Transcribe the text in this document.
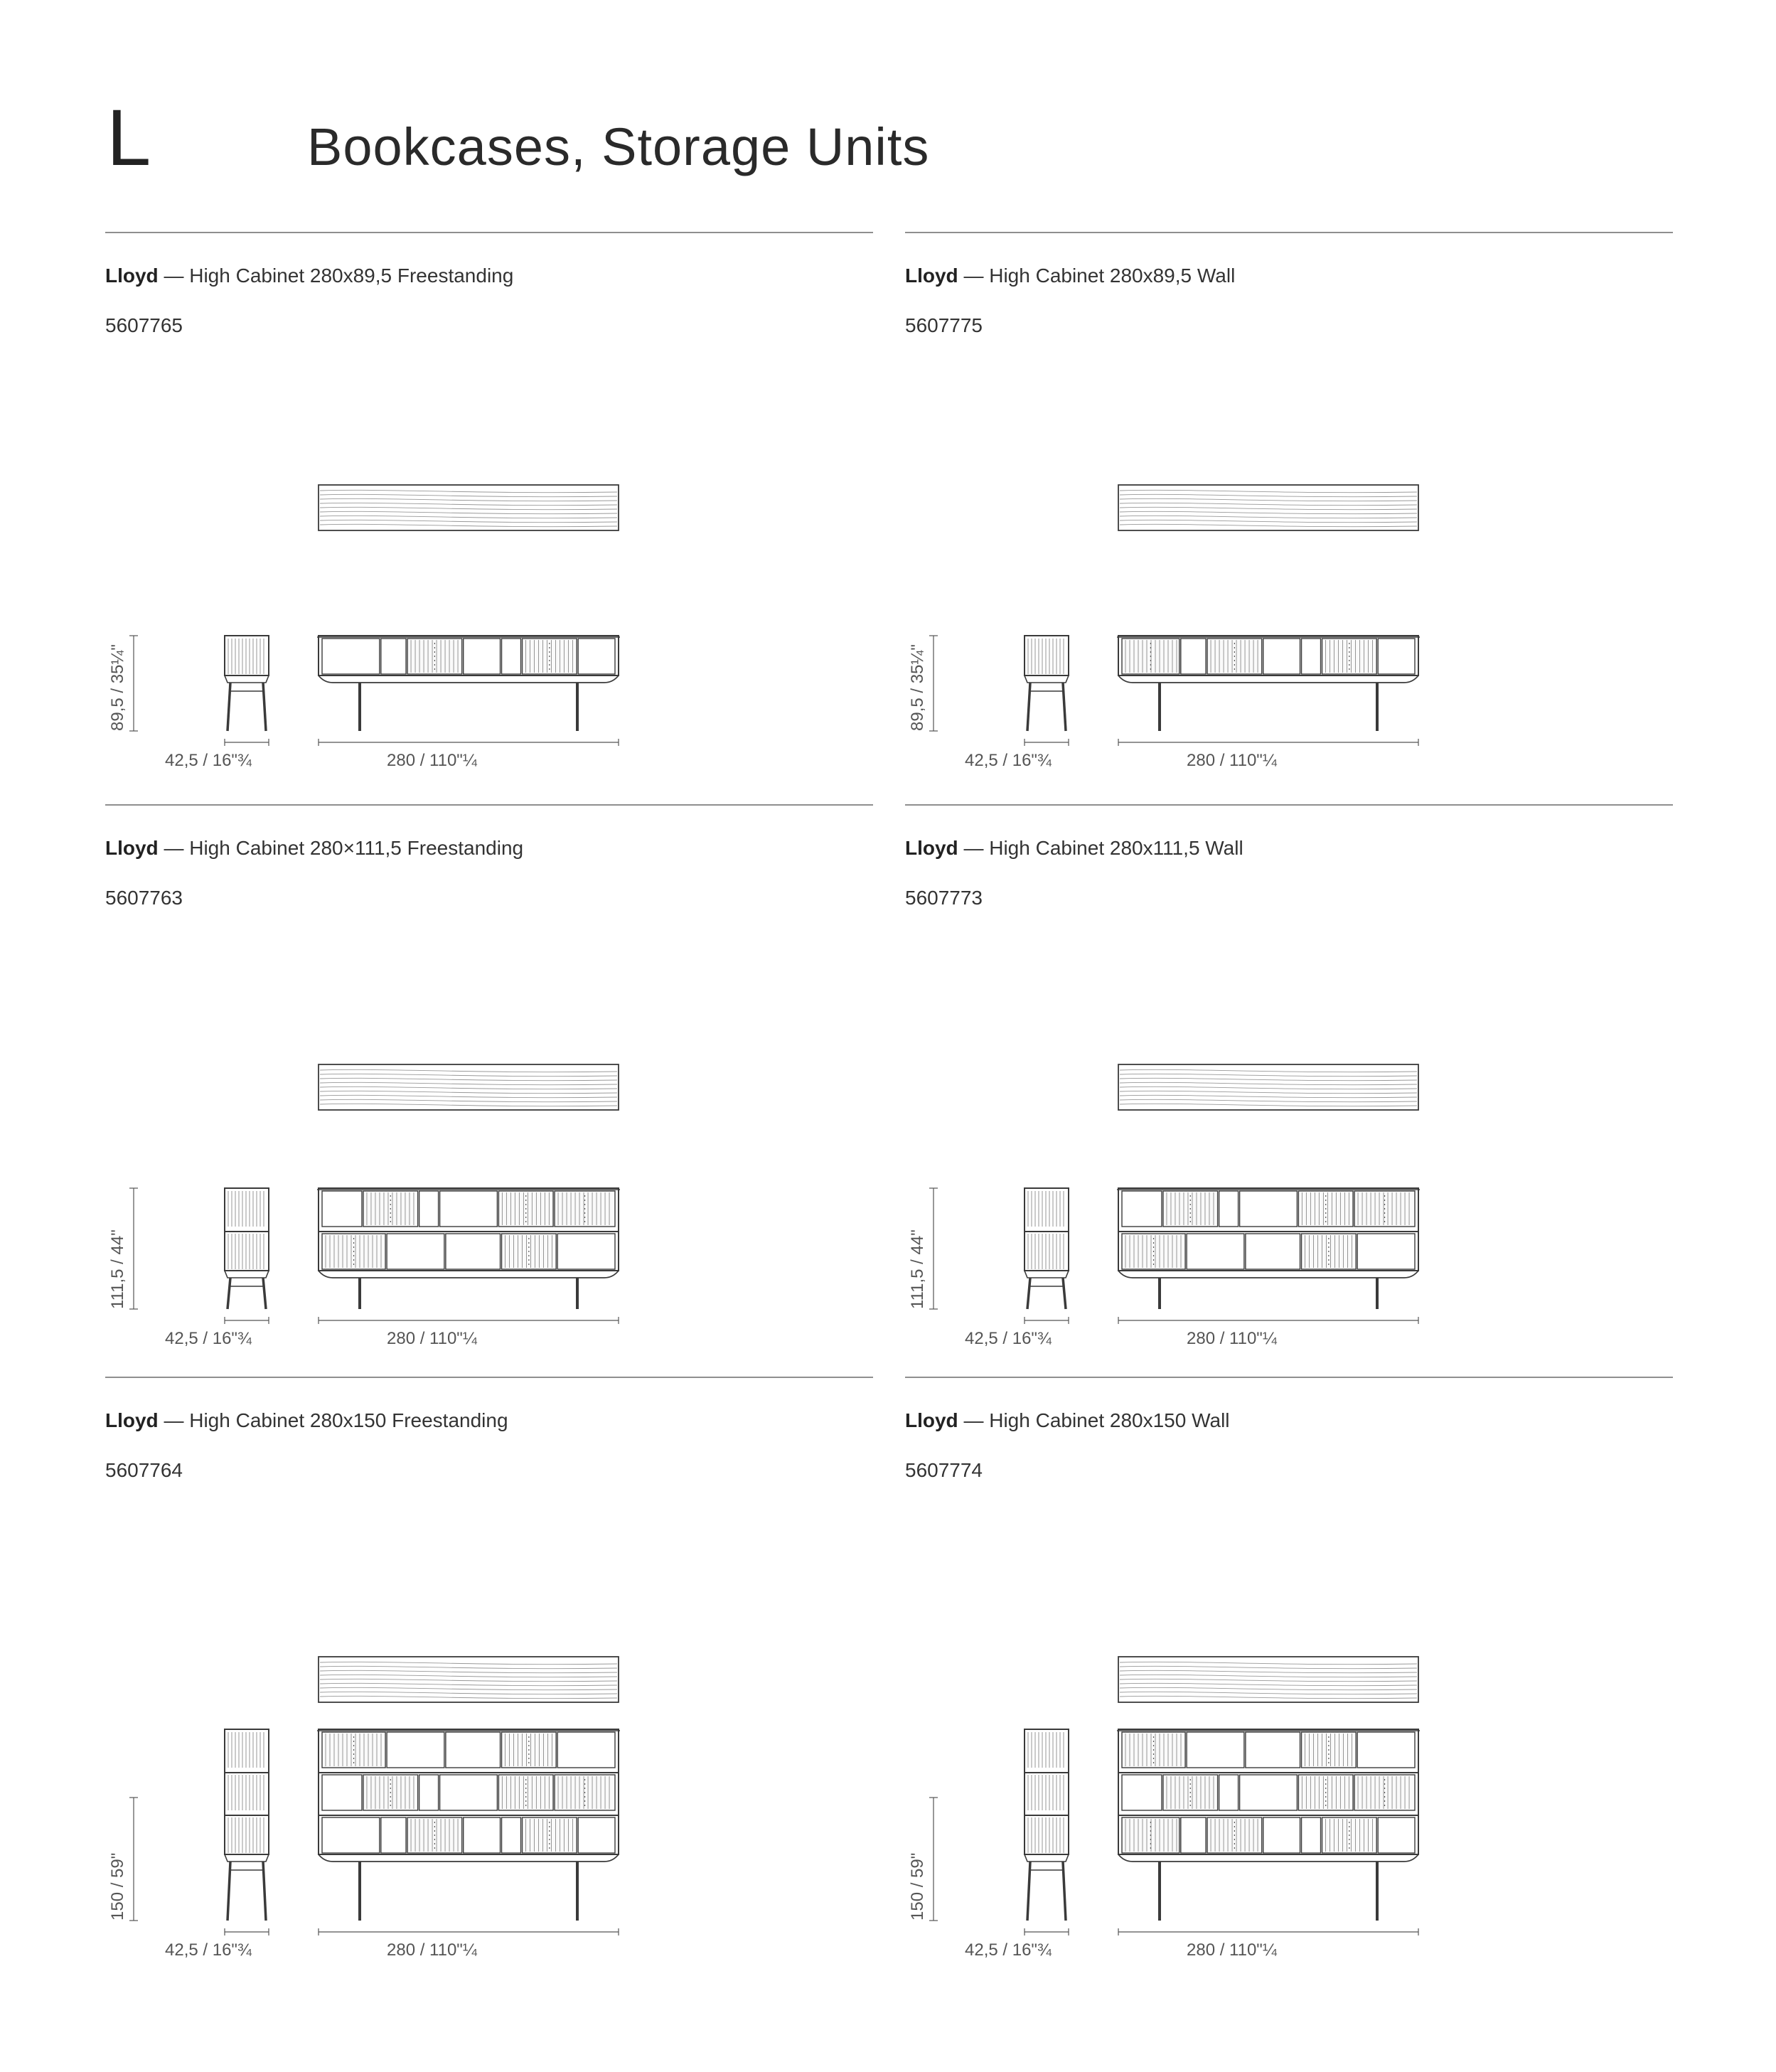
L	Bookcases, Storage Units
Lloyd — High Cabinet 280x89,5 Freestanding
5607765
89,5 / 35¼"
42,5 / 16"¾	280 / 110"¼
Lloyd — High Cabinet 280x89,5 Wall
5607775
89,5 / 35¼"
42,5 / 16"¾	280 / 110"¼
Lloyd — High Cabinet 280×111,5 Freestanding
5607763
111,5 / 44"
42,5 / 16"¾	280 / 110"¼
Lloyd — High Cabinet 280x111,5 Wall
5607773
111,5 / 44"
42,5 / 16"¾	280 / 110"¼
Lloyd — High Cabinet 280x150 Freestanding
5607764
150 / 59"
42,5 / 16"¾	280 / 110"¼
Lloyd — High Cabinet 280x150 Wall
5607774
150 / 59"
42,5 / 16"¾	280 / 110"¼
